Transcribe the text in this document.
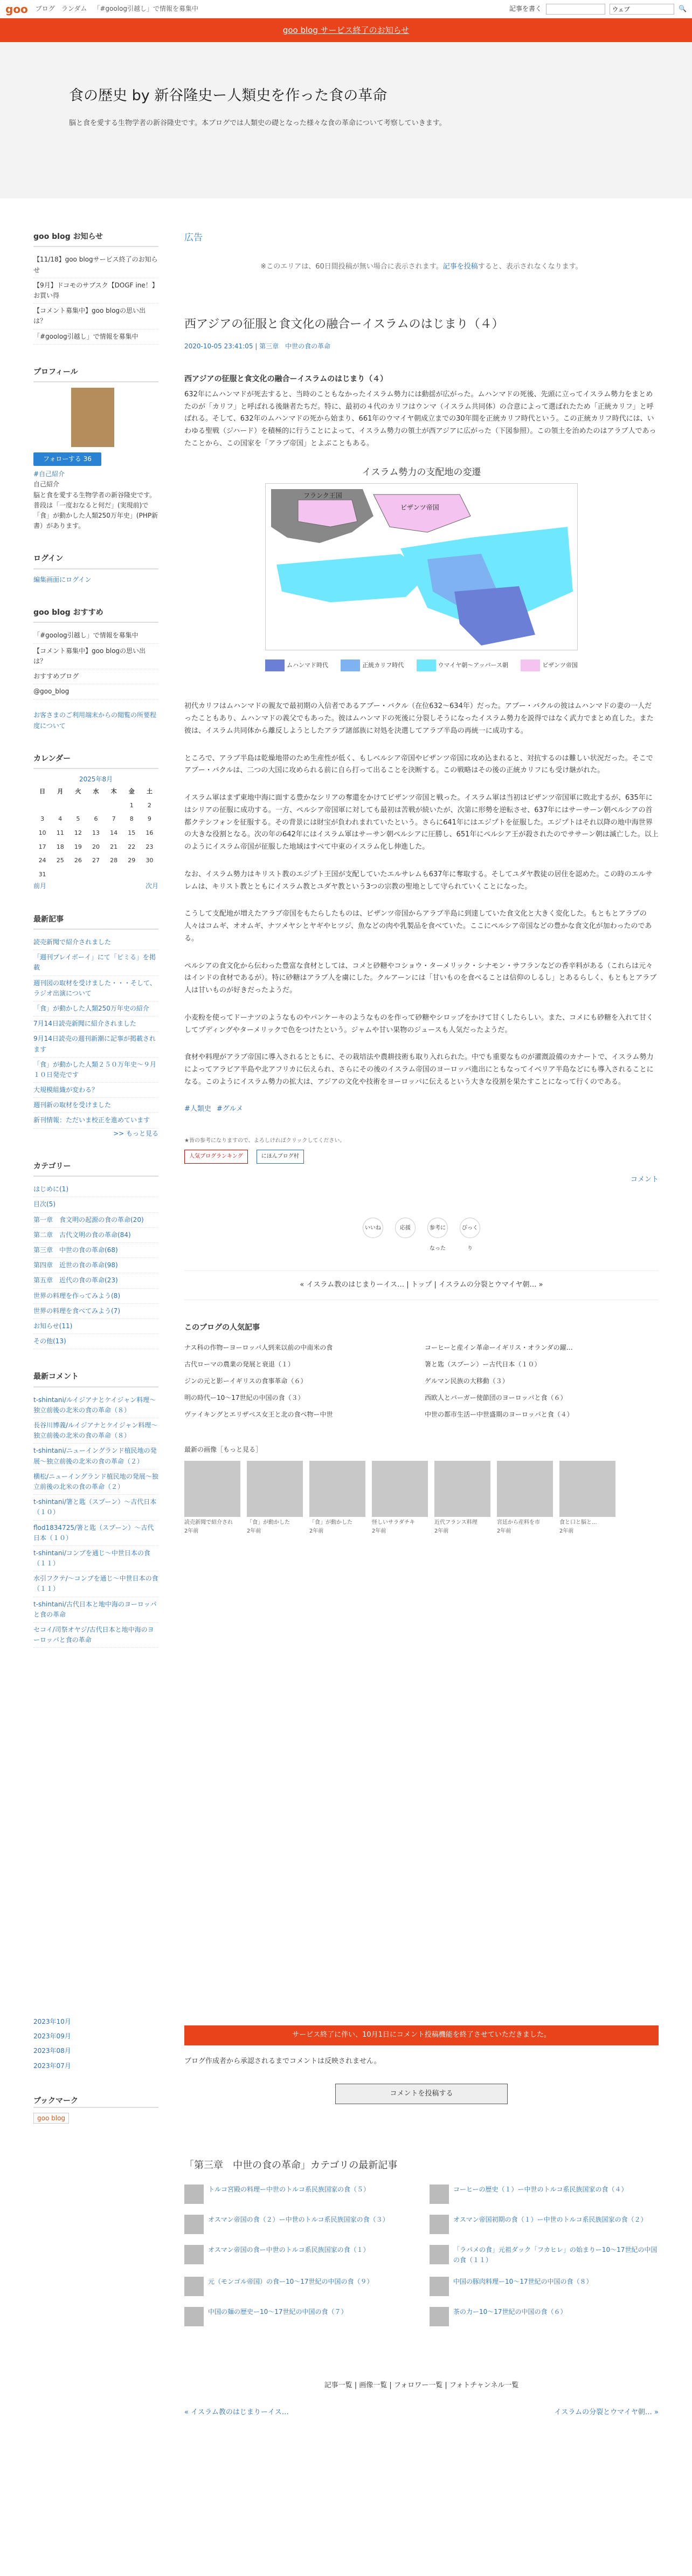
goo ブログ ランダム 「#goolog引越し」で情報を募集中	記事を書く
ウェブ	🔍
goo blog サービス終了のお知らせ
食の歴史 by 新谷隆史ー人類史を作った食の革命

脳と食を愛する生物学者の新谷隆史です。本ブログでは人類史の礎となった様々な食の革命について考察していきます。

goo blog お知らせ
【11/18】goo blogサービス終了のお知らせ
【9月】ドコモのサブスク【DOGF ine！】お買い得
【コメント募集中】goo blogの思い出は？
「#goolog引越し」で情報を募集中
プロフィール
フォローする 36
#自己紹介
自己紹介
脳と食を愛する生物学者の新谷隆史です。普段は「一度おなると何だ」(実現前)で「食」が動かした人類250万年史」(PHP新書）があります。
ログイン
編集画面にログイン
goo blog おすすめ
「#goolog引越し」で情報を募集中
【コメント募集中】goo blogの思い出は？
おすすめブログ
@goo_blog

お客さまのご利用端末からの閲覧の所要程度について

カレンダー
2025年8月
日	月	火	水	木	金	土
					1	2
3	4	5	6	7	8	9
10	11	12	13	14	15	16
17	18	19	20	21	22	23
24	25	26	27	28	29	30
31						
前月	次月
最新記事
読売新聞で紹介されました
「週刊プレイボーイ」にて「ビミる」を掲載
週刊図の取材を受けました・・・そして、ラジオ出演について
「食」が動かした人類250万年史の紹介
7月14日読売新聞に紹介されました
9月14日読売の週刊新潮に記事が掲載されます
「食」が動かした人類２５０万年史～９月１０日発売です
大規模組織が変わる？
週刊新の取材を受けました
新刊情報：ただいま校正を進めています
>> もっと見る
カテゴリー
はじめに(1)
目次(5)
第一章　食文明の起源の食の革命(20)
第二章　古代文明の食の革命(84)
第三章　中世の食の革命(68)
第四章　近世の食の革命(98)
第五章　近代の食の革命(23)
世界の料理を作ってみよう(8)
世界の料理を食べてみよう(7)
お知らせ(11)
その他(13)
最新コメント
t-shintani/ルイジアナとケイジャン料理～独立前後の北米の食の革命（８）
長谷川博義/ルイジアナとケイジャン料理～独立前後の北米の食の革命（８）
t-shintani/ニューイングランド植民地の発展～独立前後の北米の食の革命（２）
横松/ニューイングランド植民地の発展～独立前後の北米の食の革命（２）
t-shintani/箸と匙（スプーン）～古代日本（１０）
flod1834725/箸と匙（スプーン）～古代日本（１０）
t-shintani/コンブを通じ～中世日本の食（１１）
水引フクテ/～コンブを通じ～中世日本の食（１１）
t-shintani/古代日本と地中海のヨーロッパと食の革命
セコイ/司祭オヤジ/古代日本と地中海のヨーロッパと食の革命
広告
※このエリアは、60日間投稿が無い場合に表示されます。記事を投稿すると、表示されなくなります。
西アジアの征服と食文化の融合ーイスラムのはじまり（４）
2020-10-05 23:41:05 | 第三章　中世の食の革命
西アジアの征服と食文化の融合ーイスラムのはじまり（４）

632年にムハンマドが死去すると、当時のこともなかったイスラム勢力には動揺が広がった。ムハンマドの死後、先頭に立ってイスラム勢力をまとめたのが「カリフ」と呼ばれる後継者たちだ。特に、最初の４代のカリフはウンマ（イスラム共同体）の合意によって選ばれたため「正統カリフ」と呼ばれる。そして、632年のムハンマドの死から始まり、661年のウマイヤ朝成立までの30年間を正統カリフ時代という。この正統カリフ時代には、いわゆる聖戦（ジハード）を積極的に行うことによって、イスラム勢力の領土が西アジアに広がった（下図参照）。この領土を治めたのはアラブ人であったことから、この国家を「アラブ帝国」とよぶこともある。

イスラム勢力の支配地の変遷
フランク王国
ビザンツ帝国
ムハンマド時代	正統カリフ時代	ウマイヤ朝〜アッバース朝	ビザンツ帝国

初代カリフはムハンマドの親友で最初期の入信者であるアブー・バクル（在位632〜634年）だった。アブー・バクルの彼はムハンマドの妻の一人だったこともあり、ムハンマドの義父でもあった。彼はムハンマドの死後に分裂しそうになったイスラム勢力を説得ではなく武力でまとめ直した。また彼は、イスラム共同体から離反しようとしたアラブ諸部族に対処を決選してアラブ半島の再統一に成功する。

ところで、アラブ半島は乾燥地帯のため生産性が低く、もしベルシア帝国やビザンツ帝国に攻め込まれると、対抗するのは難しい状況だった。そこでアブー・バクルは、二つの大国に攻められる前に自ら打って出ることを決断する。この戦略はその後の正統カリフにも受け継がれた。

イスラム軍はまず東地中海に面する豊かなシリアの奪還をかけてビザンツ帝国と戦った。イスラム軍は当初はビザンツ帝国軍に敗北するが、635年にはシリアの征服に成功する。一方、ペルシア帝国軍に対しても最初は苦戦が続いたが、次第に形勢を逆転させ、637年にはサーサーン朝ペルシアの首都クテシフォンを征服する。その背景には財宝が負われまれていたという。さらに641年にはエジプトを征服した。エジプトはそれ以降の地中海世界の大きな役割となる。次の年の642年にはイスラム軍はサーサン朝ペルシアに圧勝し、651年にペルシア王が殺されたのでササーン朝は滅亡した。以上のようにイスラム帝国が征服した地域はすべて中東のイスラム化し伸進した。

なお、イスラム勢力はキリスト教のエジプト王国が支配していたエルサレムも637年に奪取する。そしてユダヤ教徒の居住を認めた。この時のエルサレムは、キリスト教とともにイスラム教とユダヤ教という3つの宗教の聖地として守られていくことになった。

こうして支配地が増えたアラブ帝国をもたらしたものは、ビザンツ帝国からアラブ半島に到達していた食文化と大きく変化した。もともとアラブの人々はコムギ、オオムギ、ナツメヤシとヤギやヒツジ、魚などの肉や乳製品を食べていた。ここにペルシア帝国などの豊かな食文化が加わったのである。

ペルシアの食文化から伝わった豊富な食材としては、コメと砂糖やコショウ・ターメリック・シナモン・サフランなどの香辛料がある（これらは元々はインドの食材であるが）。特に砂糖はアラブ人を虜にした。クルアーンには「甘いものを食べることは信仰のしるし」とあるらしく、もともとアラブ人は甘いものが好きだったようだ。

小麦粉を使ってドーナツのようなものやパンケーキのようなものを作って砂糖やシロップをかけて甘くしたらしい。また、コメにも砂糖を入れて甘くしてプディングやターメリックで色をつけたという。ジャムや甘い果物のジュースも人気だったようだ。

食材や料理がアラブ帝国に導入されるとともに、その栽培法や農耕技術も取り入れられた。中でも重要なものが灌漑設備のカナートで、イスラム勢力によってアラビア半島や北アフリカに伝えられ、さらにその後のイスラム帝国のヨーロッパ進出にともなってイベリア半島などにも導入されることになる。このようにイスラム勢力の拡大は、アジアの文化や技術をヨーロッパに伝えるという大きな役割を果たすことになって行くのである。

#人類史 #グルメ
★皆の参考になりますので、よろしければクリックしてください。
人気ブログランキング	にほんブログ村
コメント
いいね	応援	参考になった
びっくり
« イスラム教のはじまりーイス… | トップ | イスラムの分裂とウマイヤ朝… »
このブログの人気記事
ナス科の作物ーヨーロッパ人到来以前の中南米の食
古代ローマの農業の発展と衰退（１）
ジンの元と影ーイギリスの食事革命（６）
明の時代ー10〜17世紀の中国の食（３）
ヴァイキングとエリザベス女王と北の食べ物ー中世
コーヒーと産イン革命ーイギリス・オランダの躍…
箸と匙（スプーン）ー古代日本（１０）
ゲルマン民族の大移動（３）
西欧人とバーガー使節団のヨーロッパと食（６）
中世の都市生活ー中世盛期のヨーロッパと食（４）
最新の画像［もっと見る］
読売新聞で紹介され
2年前
「食」が動かした
2年前
「食」が動かした
2年前
怪しいサラダチキ
2年前
近代フランス料理
2年前
宮廷から産料を市
2年前
食と口と脳と...
2年前
2023年10月
2023年09月
2023年08月
2023年07月
ブックマーク
goo blog
サービス終了に伴い、10月1日にコメント投稿機能を終了させていただきました。

ブログ作成者から承認されるまでコメントは反映されません。

コメントを投稿する
「第三章　中世の食の革命」カテゴリの最新記事
トルコ宮殿の料理ー中世のトルコ系民族国家の食（５）	コーヒーの歴史（１）ー中世のトルコ系民族国家の食（４）
オスマン帝国の食（２）ー中世のトルコ系民族国家の食（３）	オスマン帝国初期の食（１）ー中世のトルコ系民族国家の食（２）
オスマン帝国の食ー中世のトルコ系民族国家の食（１）	「ラパメの食」元祖ダック「フカヒレ」の始まりー10〜17世紀の中国の食（１１）
元（モンゴル帝国）の食ー10〜17世紀の中国の食（９）	中国の豚肉料理ー10〜17世紀の中国の食（８）
中国の麺の歴史ー10〜17世紀の中国の食（７）	茶の力ー10〜17世紀の中国の食（６）
記事一覧 | 画像一覧 | フォロワー一覧 | フォトチャンネル一覧
« イスラム教のはじまりーイス…	イスラムの分裂とウマイヤ朝… »
